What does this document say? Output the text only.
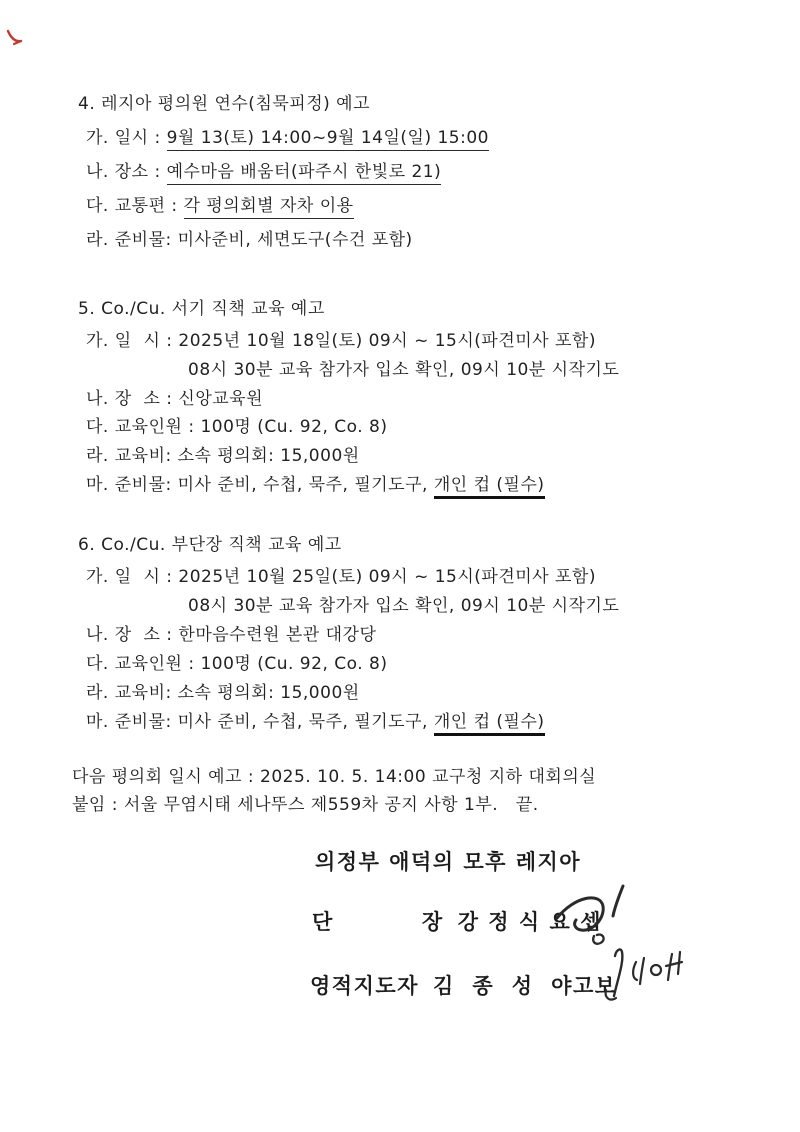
4. 레지아 평의원 연수(침묵피정) 예고
가. 일시 : 9월 13(토) 14:00~9월 14일(일) 15:00
나. 장소 : 예수마음 배움터(파주시 한빛로 21)
다. 교통편 : 각 평의회별 자차 이용
라. 준비물: 미사준비, 세면도구(수건 포함)
5. Co./Cu. 서기 직책 교육 예고
가. 일  시 : 2025년 10월 18일(토) 09시 ~ 15시(파견미사 포함)
08시 30분 교육 참가자 입소 확인, 09시 10분 시작기도
나. 장  소 : 신앙교육원
다. 교육인원 : 100명 (Cu. 92, Co. 8)
라. 교육비: 소속 평의회: 15,000원
마. 준비물: 미사 준비, 수첩, 묵주, 필기도구, 개인 컵 (필수)
6. Co./Cu. 부단장 직책 교육 예고
가. 일  시 : 2025년 10월 25일(토) 09시 ~ 15시(파견미사 포함)
08시 30분 교육 참가자 입소 확인, 09시 10분 시작기도
나. 장  소 : 한마음수련원 본관 대강당
다. 교육인원 : 100명 (Cu. 92, Co. 8)
라. 교육비: 소속 평의회: 15,000원
마. 준비물: 미사 준비, 수첩, 묵주, 필기도구, 개인 컵 (필수)
다음 평의회 일시 예고 : 2025. 10. 5. 14:00 교구청 지하 대회의실
붙임 : 서울 무염시태 세나뚜스 제559차 공지 사항 1부.   끝.
의정부 애덕의 모후 레지아
단          장 강 정 식 요 셉
영적지도자 김  종  성  야고보
